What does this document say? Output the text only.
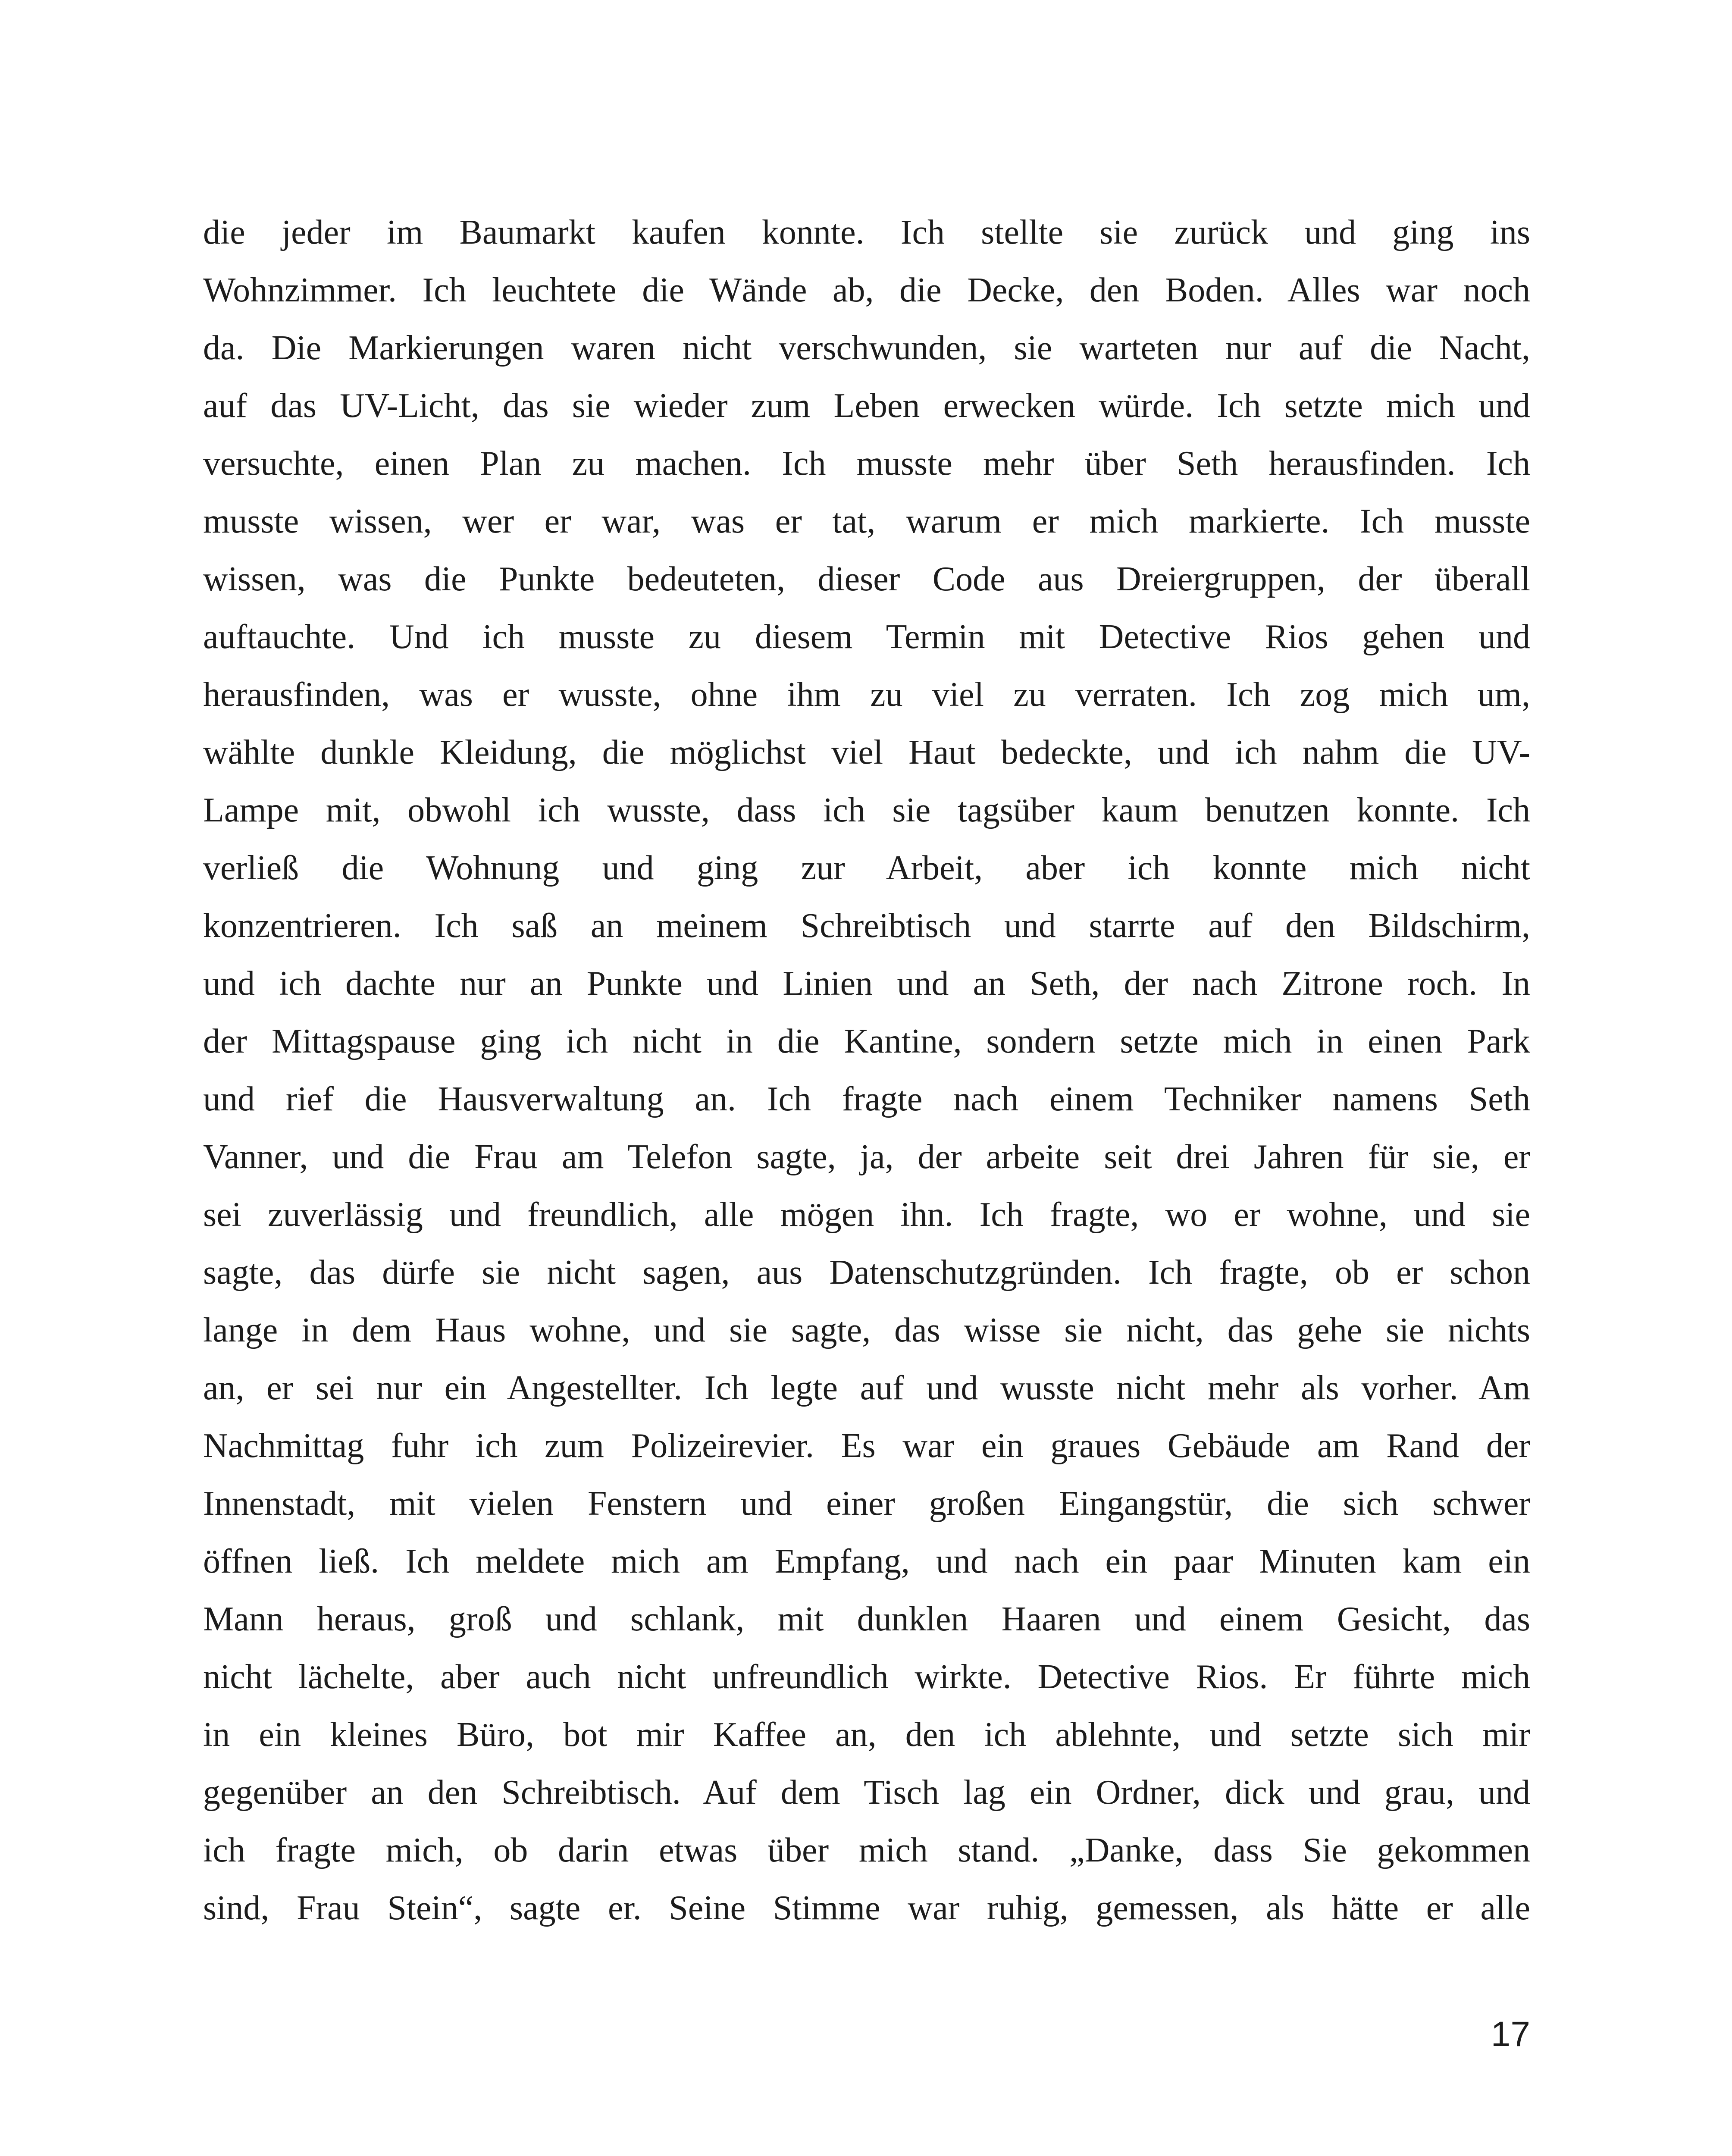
die jeder im Baumarkt kaufen konnte. Ich stellte sie zurück und ging ins
Wohnzimmer. Ich leuchtete die Wände ab, die Decke, den Boden. Alles war noch
da. Die Markierungen waren nicht verschwunden, sie warteten nur auf die Nacht,
auf das UV-Licht, das sie wieder zum Leben erwecken würde. Ich setzte mich und
versuchte, einen Plan zu machen. Ich musste mehr über Seth herausfinden. Ich
musste wissen, wer er war, was er tat, warum er mich markierte. Ich musste
wissen, was die Punkte bedeuteten, dieser Code aus Dreiergruppen, der überall
auftauchte. Und ich musste zu diesem Termin mit Detective Rios gehen und
herausfinden, was er wusste, ohne ihm zu viel zu verraten. Ich zog mich um,
wählte dunkle Kleidung, die möglichst viel Haut bedeckte, und ich nahm die UV-
Lampe mit, obwohl ich wusste, dass ich sie tagsüber kaum benutzen konnte. Ich
verließ die Wohnung und ging zur Arbeit, aber ich konnte mich nicht
konzentrieren. Ich saß an meinem Schreibtisch und starrte auf den Bildschirm,
und ich dachte nur an Punkte und Linien und an Seth, der nach Zitrone roch. In
der Mittagspause ging ich nicht in die Kantine, sondern setzte mich in einen Park
und rief die Hausverwaltung an. Ich fragte nach einem Techniker namens Seth
Vanner, und die Frau am Telefon sagte, ja, der arbeite seit drei Jahren für sie, er
sei zuverlässig und freundlich, alle mögen ihn. Ich fragte, wo er wohne, und sie
sagte, das dürfe sie nicht sagen, aus Datenschutzgründen. Ich fragte, ob er schon
lange in dem Haus wohne, und sie sagte, das wisse sie nicht, das gehe sie nichts
an, er sei nur ein Angestellter. Ich legte auf und wusste nicht mehr als vorher. Am
Nachmittag fuhr ich zum Polizeirevier. Es war ein graues Gebäude am Rand der
Innenstadt, mit vielen Fenstern und einer großen Eingangstür, die sich schwer
öffnen ließ. Ich meldete mich am Empfang, und nach ein paar Minuten kam ein
Mann heraus, groß und schlank, mit dunklen Haaren und einem Gesicht, das
nicht lächelte, aber auch nicht unfreundlich wirkte. Detective Rios. Er führte mich
in ein kleines Büro, bot mir Kaffee an, den ich ablehnte, und setzte sich mir
gegenüber an den Schreibtisch. Auf dem Tisch lag ein Ordner, dick und grau, und
ich fragte mich, ob darin etwas über mich stand. „Danke, dass Sie gekommen
sind, Frau Stein“, sagte er. Seine Stimme war ruhig, gemessen, als hätte er alle
17
